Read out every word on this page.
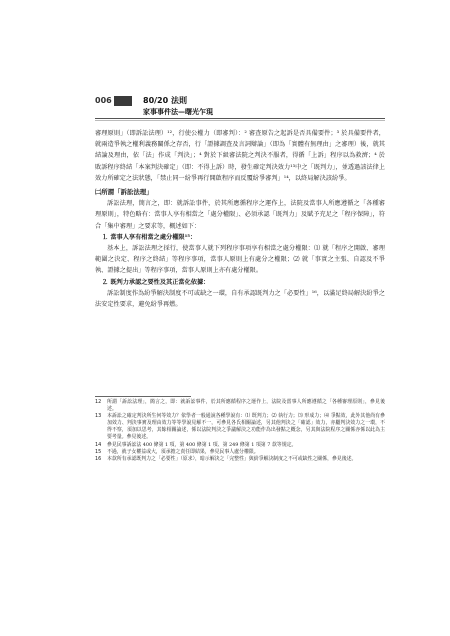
006	80/20 法則
家事事件法—曙光乍現

審理原則」（即訴訟法理）¹²，行使公權力（即審判）：² 審查原告之起訴是否具備要件；³ 於具備要件者，就兩造爭執之權利義務關係之存否，行「證據調查及言詞辯論」（即為「實體有無理由」之審理）後，就其結論及理由，依「法」作成「判決」；⁴ 對於下級審法院之判決不服者，得循「上訴」程序以為救濟；⁴ 於敗訴程序終結「本案判決確定」（即：不得上訴）時，發生確定判決效力¹³中之「既判力」，並透過該法律上效力所確定之法狀態，「禁止同一紛爭再行開啟程序而反覆紛爭審判」¹⁴，以終局解決該紛爭。

㈡所謂「訴訟法理」

訴訟法理，簡言之，即：就訴訟事件，於其所應循程序之運作上，法院及當事人所應遵循之「各種審理原則」，特色略有：當事人享有相當之「處分權限」、必須承認「既判力」及賦予充足之「程序保障」，符合「集中審理」之要求等，概述如下：

⒈ 當事人享有相當之處分權限¹⁵：

基本上，訴訟法理之採行，使當事人就下列程序事項享有相當之處分權限：⑴ 就「程序之開啟、審理範圍之決定、程序之終結」等程序事項，當事人原則上有處分之權限；⑵ 就「事實之主張、自認及不爭執、證據之提出」等程序事項，當事人原則上亦有處分權限。

⒉ 既判力承認之要性及其正當化依據：

訴訟制度作為紛爭解決制度不可或缺之一環，自有承認既判力之「必要性」¹⁶，以滿足終局解決紛爭之法安定性要求，避免紛爭再燃。

12	所謂「訴訟法理」，簡言之，即：就訴訟事件，於其所應循程序之運作上，法院及當事人所應遵循之「各種審理原則」，參見後述。
13	本訴訟之確定判決所生何等效力？依學者一般通說各種學說有：⑴ 既判力；⑵ 執行力；⑶ 形成力；⑷ 爭點效，此外其他尚有參加效力、判決事實及理由效力等等學說見解不一，可參見各氏相關論述，另其他判決之「確認」效力，亦屬判決效力之一環，不得不察，須加以思考，其餘相關論述，係以法院判決之爭議解決之功能作為出發點之概念，另其與法院程序之關係亦係以此為主要考量。參見後述。
14	參見民事訴訟法 400 條第 1 項，第 400 條第 1 項、第 249 條第 1 項第 7 款等規定。
15	不過，就子女權益或大，須承擔之責任即結果，參見民事人處分權限。
16	本款所有承認既判力之「必要性」（原求），暗示解決之「完整性」與紛爭解決制度之不可或缺性之關係，參見後述。
